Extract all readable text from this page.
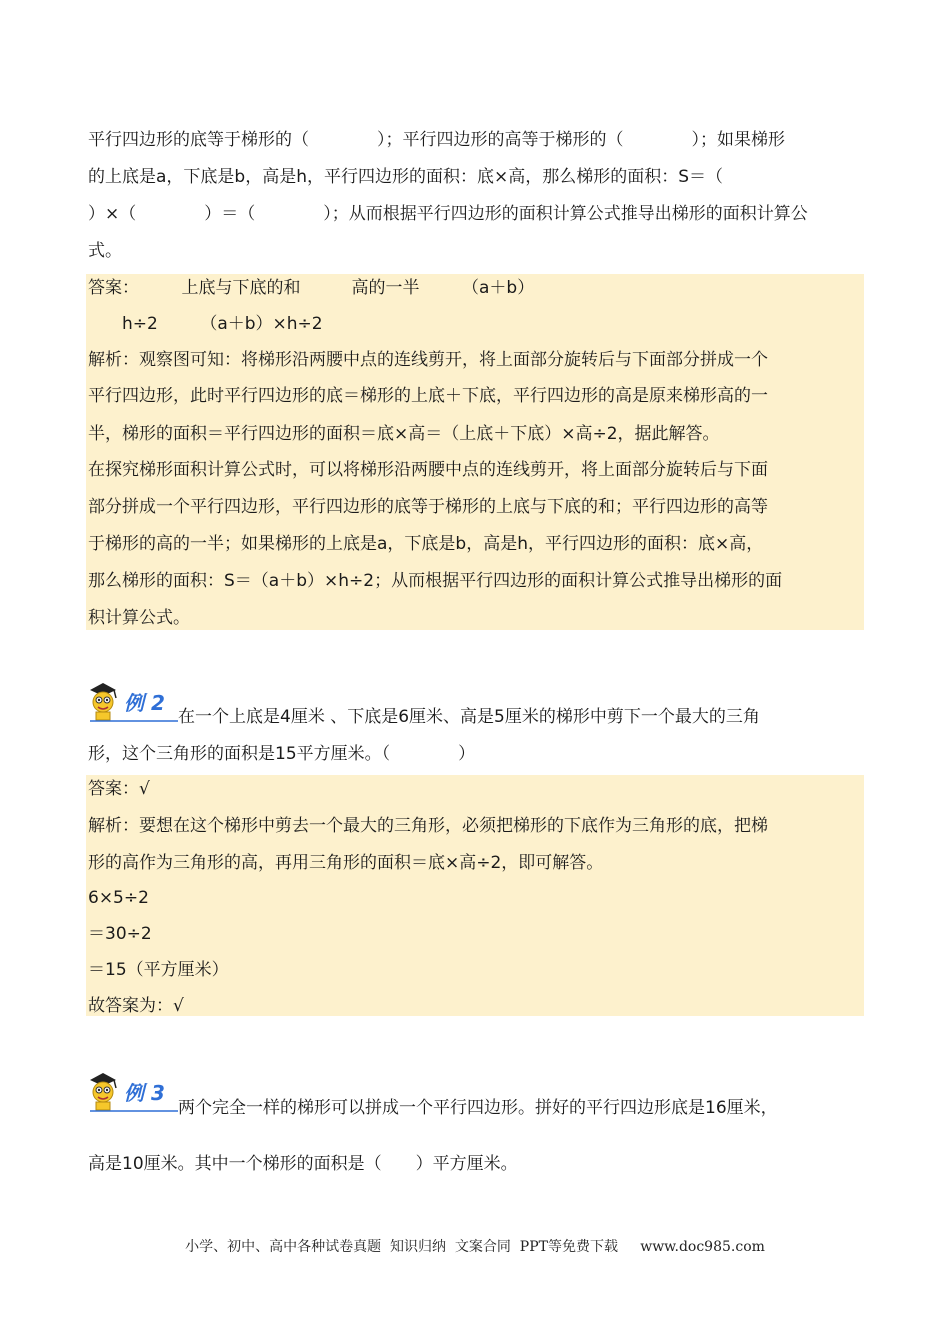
平行四边形的底等于梯形的（　　　　）；平行四边形的高等于梯形的（　　　　）；如果梯形
的上底是a，下底是b，高是h，平行四边形的面积：底×高，那么梯形的面积：S＝（
）×（　　　　）＝（　　　　）；从而根据平行四边形的面积计算公式推导出梯形的面积计算公
式。
答案：　　　上底与下底的和　　　高的一半　　　（a＋b）
　　h÷2　　　（a＋b）×h÷2
解析：观察图可知：将梯形沿两腰中点的连线剪开，将上面部分旋转后与下面部分拼成一个
平行四边形，此时平行四边形的底＝梯形的上底＋下底，平行四边形的高是原来梯形高的一
半，梯形的面积＝平行四边形的面积＝底×高＝（上底＋下底）×高÷2，据此解答。
在探究梯形面积计算公式时，可以将梯形沿两腰中点的连线剪开，将上面部分旋转后与下面
部分拼成一个平行四边形，平行四边形的底等于梯形的上底与下底的和；平行四边形的高等
于梯形的高的一半；如果梯形的上底是a，下底是b，高是h，平行四边形的面积：底×高，
那么梯形的面积：S＝（a＋b）×h÷2；从而根据平行四边形的面积计算公式推导出梯形的面
积计算公式。
例 2
在一个上底是4厘米 、下底是6厘米、高是5厘米的梯形中剪下一个最大的三角
形，这个三角形的面积是15平方厘米。（　　　　）
答案：√
解析：要想在这个梯形中剪去一个最大的三角形，必须把梯形的下底作为三角形的底，把梯
形的高作为三角形的高，再用三角形的面积＝底×高÷2，即可解答。
6×5÷2
＝30÷2
＝15（平方厘米）
故答案为：√
例 3
两个完全一样的梯形可以拼成一个平行四边形。拼好的平行四边形底是16厘米，
高是10厘米。其中一个梯形的面积是（　　）平方厘米。
小学、初中、高中各种试卷真题  知识归纳  文案合同  PPT等免费下载     www.doc985.com
